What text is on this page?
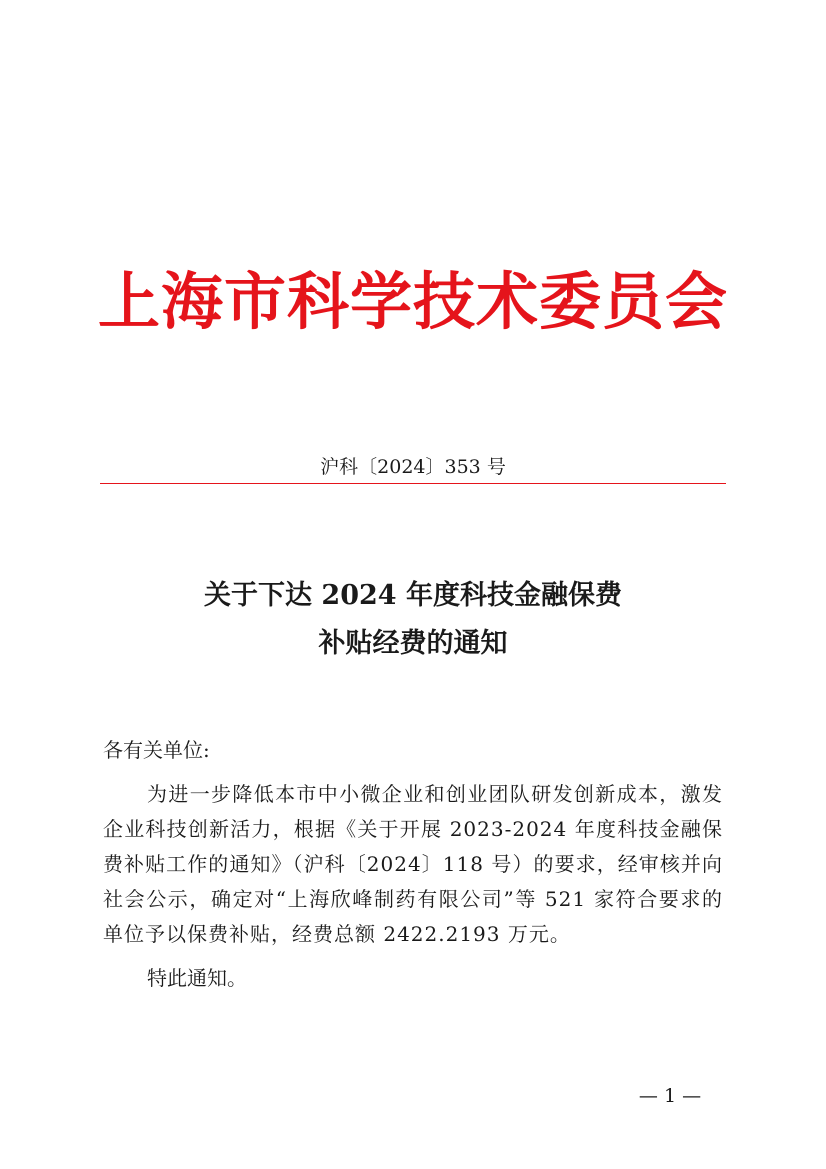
上海市科学技术委员会
沪科〔2024〕353 号
关于下达 2024 年度科技金融保费
补贴经费的通知

各有关单位:

为进一步降低本市中小微企业和创业团队研发创新成本，激发企业科技创新活力，根据《关于开展 2023-2024 年度科技金融保费补贴工作的通知》（沪科〔2024〕118 号）的要求，经审核并向社会公示，确定对“上海欣峰制药有限公司”等 521 家符合要求的单位予以保费补贴，经费总额 2422.2193 万元。

特此通知。

— 1 —
